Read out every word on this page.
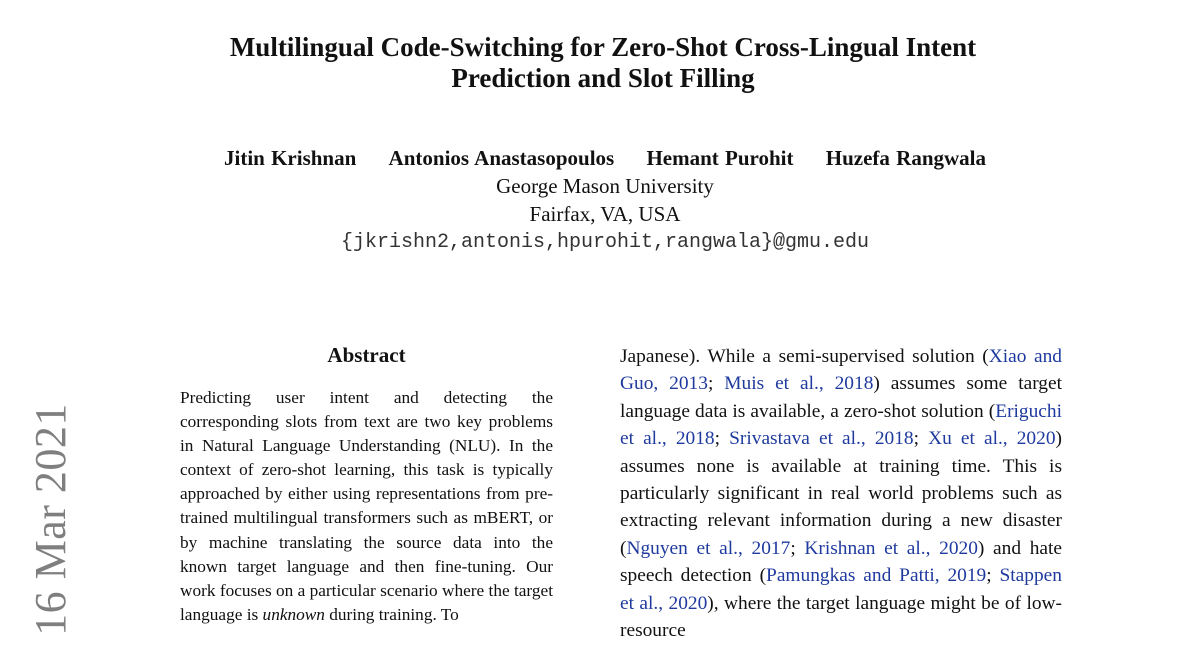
16 Mar 2021
Multilingual Code-Switching for Zero-Shot Cross-Lingual Intent Prediction and Slot Filling
Jitin Krishnan Antonios Anastasopoulos Hemant Purohit Huzefa Rangwala
George Mason University
Fairfax, VA, USA
{jkrishn2,antonis,hpurohit,rangwala}@gmu.edu
Abstract
Predicting user intent and detecting the corresponding slots from text are two key problems in Natural Language Understanding (NLU). In the context of zero-shot learning, this task is typically approached by either using representations from pre-trained multilingual transformers such as mBERT, or by machine translating the source data into the known target language and then fine-tuning. Our work focuses on a particular scenario where the target language is unknown during training. To
Japanese). While a semi-supervised solution (Xiao and Guo, 2013; Muis et al., 2018) assumes some target language data is available, a zero-shot solution (Eriguchi et al., 2018; Srivastava et al., 2018; Xu et al., 2020) assumes none is available at training time. This is particularly significant in real world problems such as extracting relevant information during a new disaster (Nguyen et al., 2017; Krishnan et al., 2020) and hate speech detection (Pamungkas and Patti, 2019; Stappen et al., 2020), where the target language might be of low-resource
